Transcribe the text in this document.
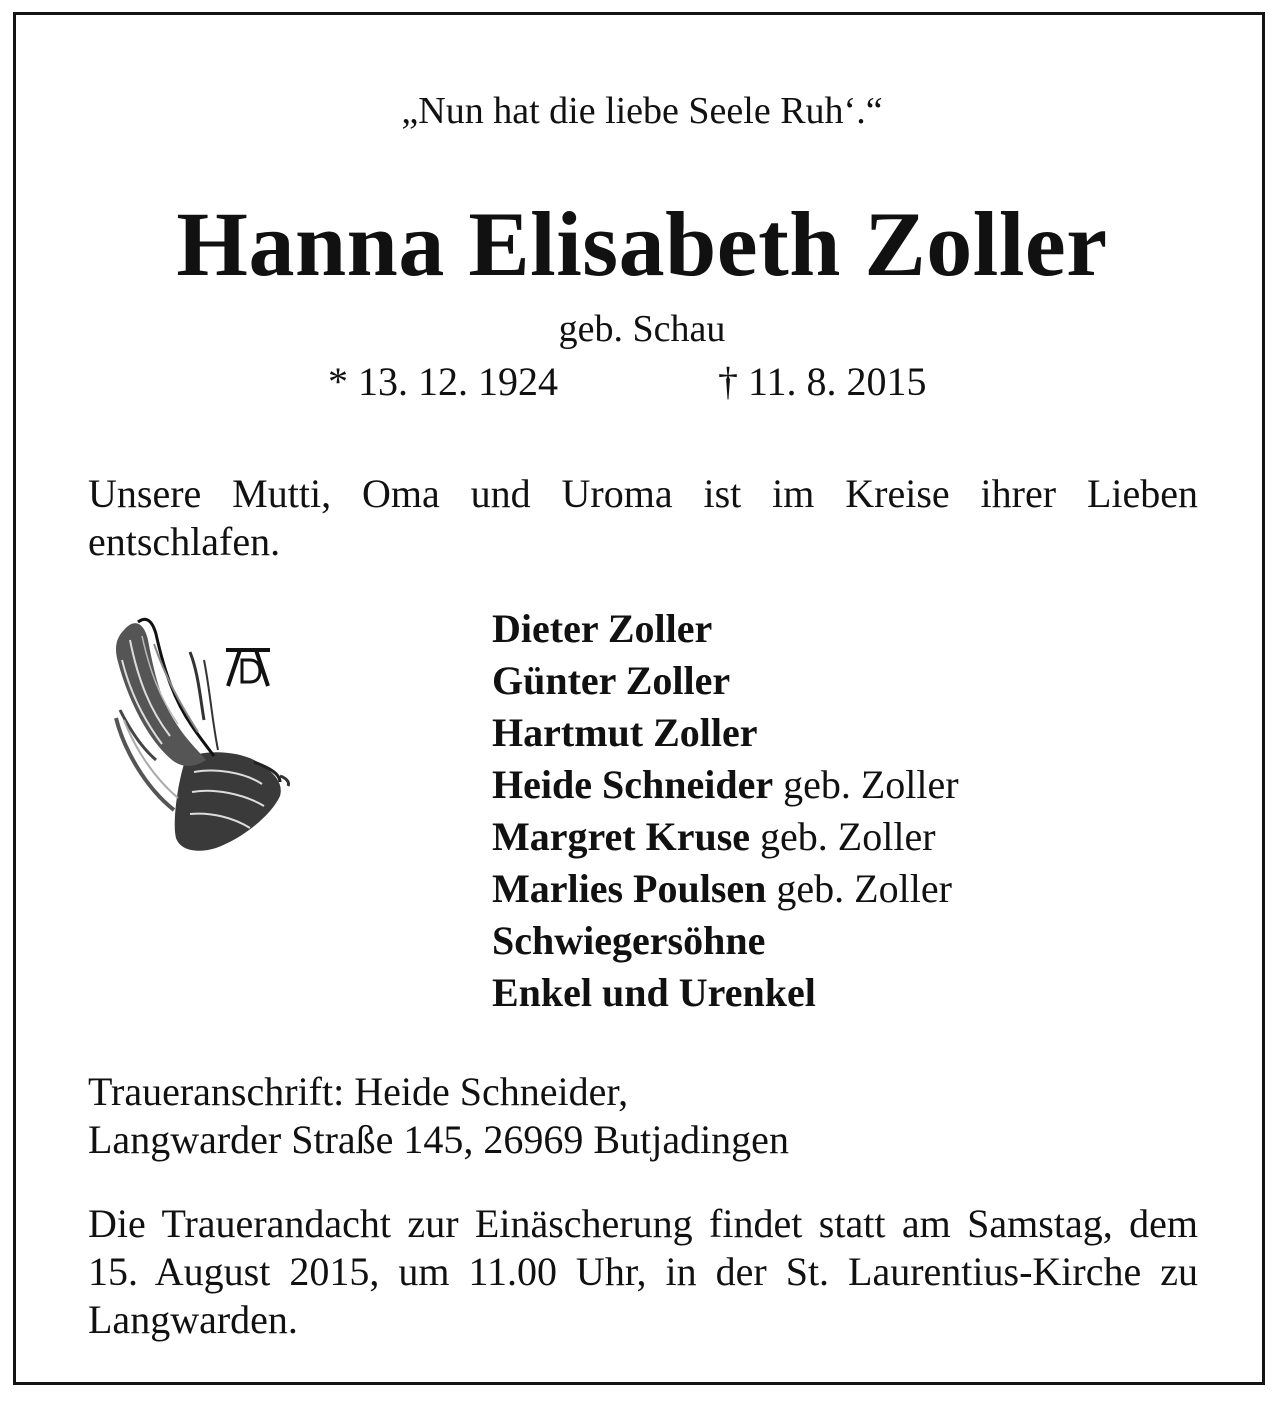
„Nun hat die liebe Seele Ruh‘.“
Hanna Elisabeth Zoller
geb. Schau
* 13. 12. 1924	† 11. 8. 2015
Unsere Mutti, Oma und Uroma ist im Kreise ihrer Lieben entschlafen.
Dieter Zoller
Günter Zoller
Hartmut Zoller
Heide Schneider geb. Zoller
Margret Kruse geb. Zoller
Marlies Poulsen geb. Zoller
Schwiegersöhne
Enkel und Urenkel
Traueranschrift: Heide Schneider,
Langwarder Straße 145, 26969 Butjadingen
Die Trauerandacht zur Einäscherung findet statt am Samstag, dem 15. August 2015, um 11.00 Uhr, in der St. Laurentius-Kirche zu Langwarden.
